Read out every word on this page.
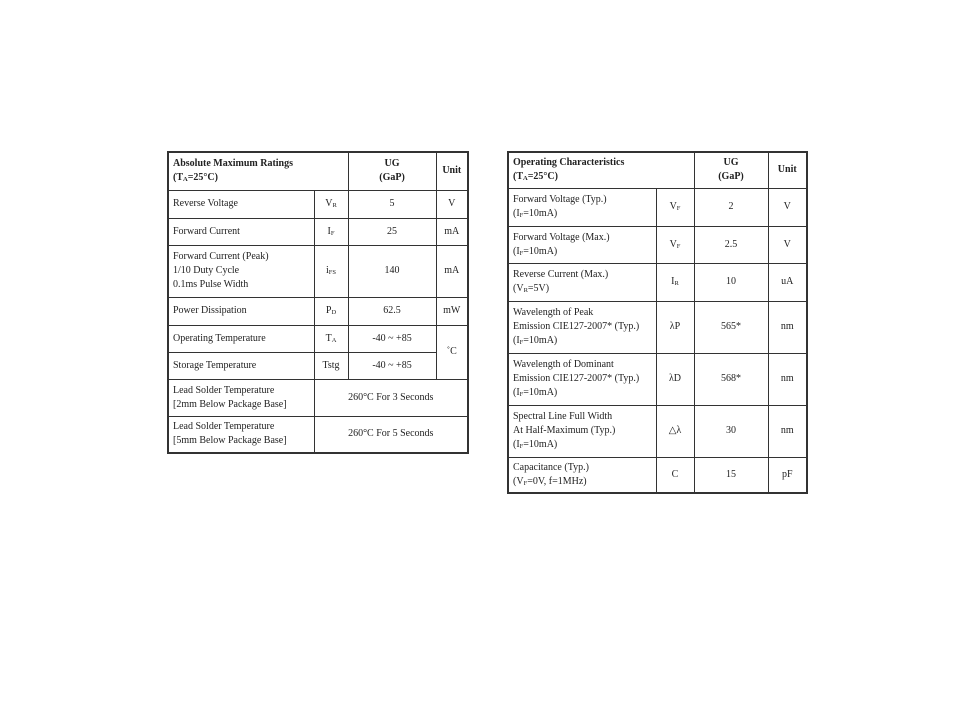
Absolute Maximum Ratings
$(T_A=25^\circ C)$		UG
(GaP)	Unit
Reverse Voltage	$V_R$	5	V
Forward Current	$I_F$	25	mA
Forward Current (Peak)
1/10 Duty Cycle
0.1ms Pulse Width	$i_{FS}$	140	mA
Power Dissipation	$P_D$	62.5	mW
Operating Temperature	$T_A$	-40 ~ +85	˚C
Storage Temperature	Tstg	-40 ~ +85	
Lead Solder Temperature
[2mm Below Package Base]	260°C For 3 Seconds		
Lead Solder Temperature
[5mm Below Package Base]	260°C For 5 Seconds		
Operating Characteristics
$(T_A=25^\circ C)$		UG
(GaP)	Unit
Forward Voltage (Typ.)
$(I_F=10mA)$	$V_F$	2	V
Forward Voltage (Max.)
$(I_F=10mA)$	$V_F$	2.5	V
Reverse Current (Max.)
$(V_R=5V)$	$I_R$	10	uA
Wavelength of Peak
Emission CIE127-2007* (Typ.)
$(I_F=10mA)$	λP	565*	nm
Wavelength of Dominant
Emission CIE127-2007* (Typ.)
$(I_F=10mA)$	λD	568*	nm
Spectral Line Full Width
At Half-Maximum (Typ.)
$(I_F=10mA)$	△λ	30	nm
Capacitance (Typ.)
($V_F=0V$, f=1MHz)	C	15	pF
